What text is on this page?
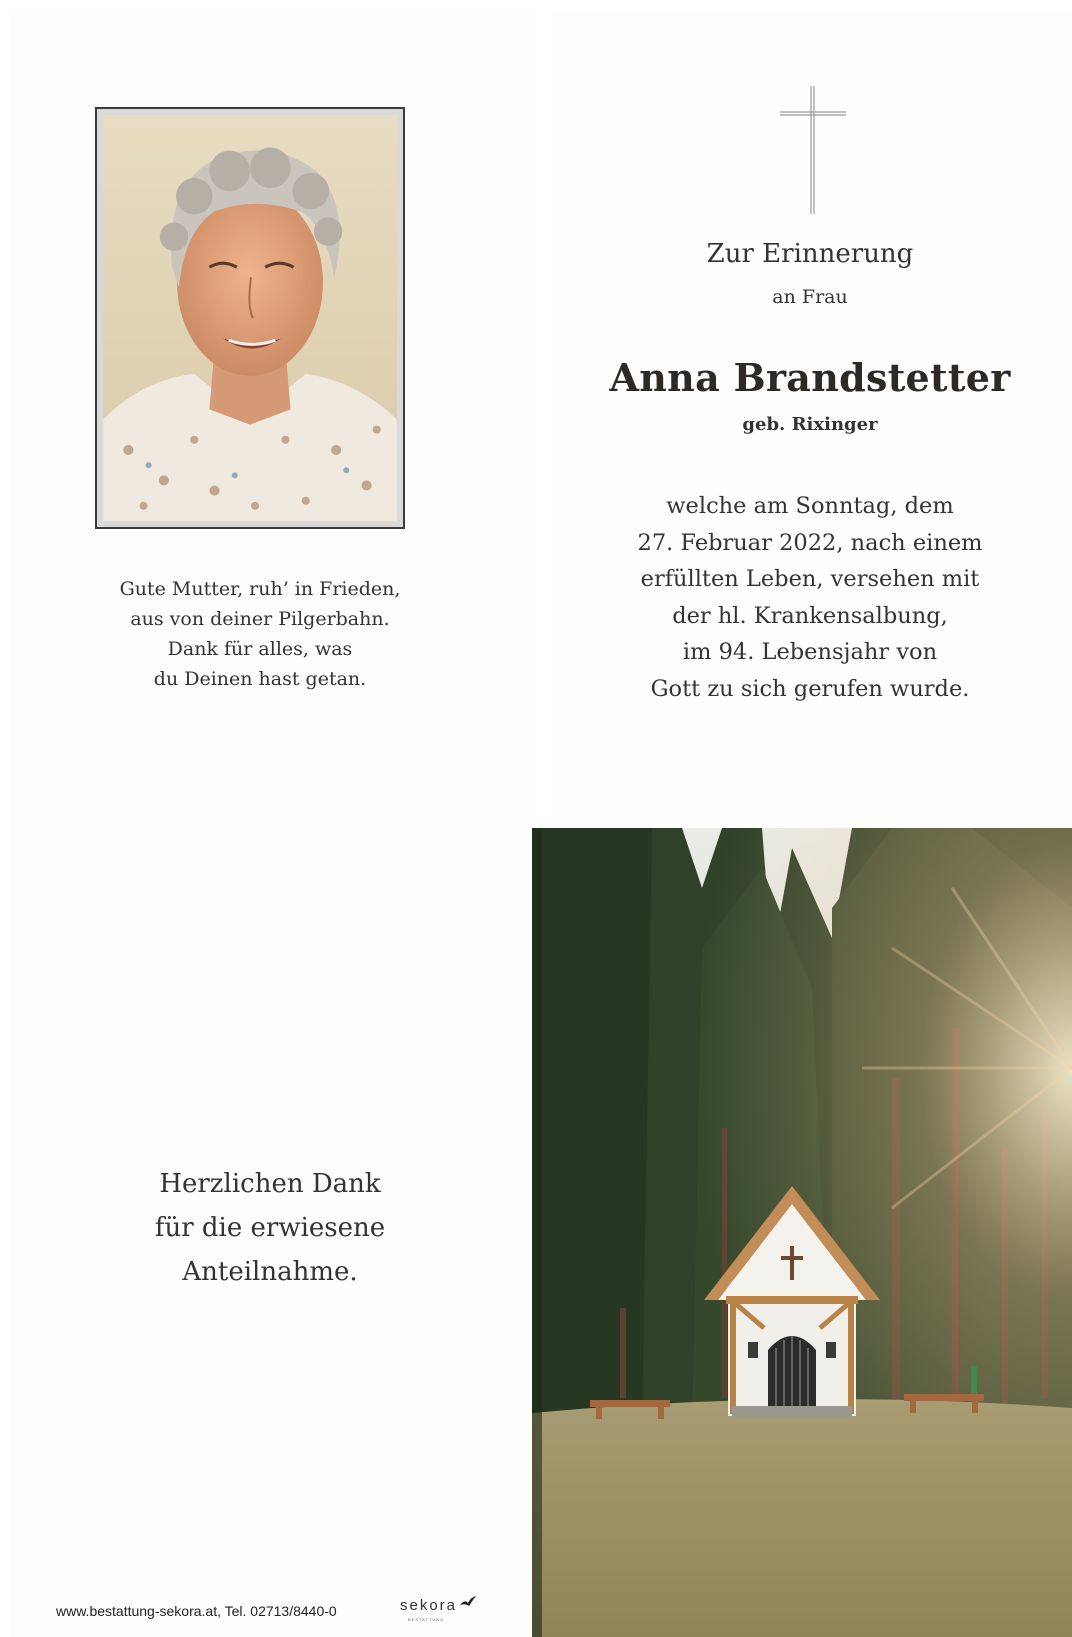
Gute Mutter, ruh’ in Frieden,
aus von deiner Pilgerbahn.
Dank für alles, was
du Deinen hast getan.
Zur Erinnerung
an Frau
Anna Brandstetter
geb. Rixinger
welche am Sonntag, dem
27. Februar 2022, nach einem
erfüllten Leben, versehen mit
der hl. Krankensalbung,
im 94. Lebensjahr von
Gott zu sich gerufen wurde.
Herzlichen Dank
für die erwiesene
Anteilnahme.
www.bestattung-sekora.at, Tel. 02713/8440-0	sekora
BESTATTUNG
